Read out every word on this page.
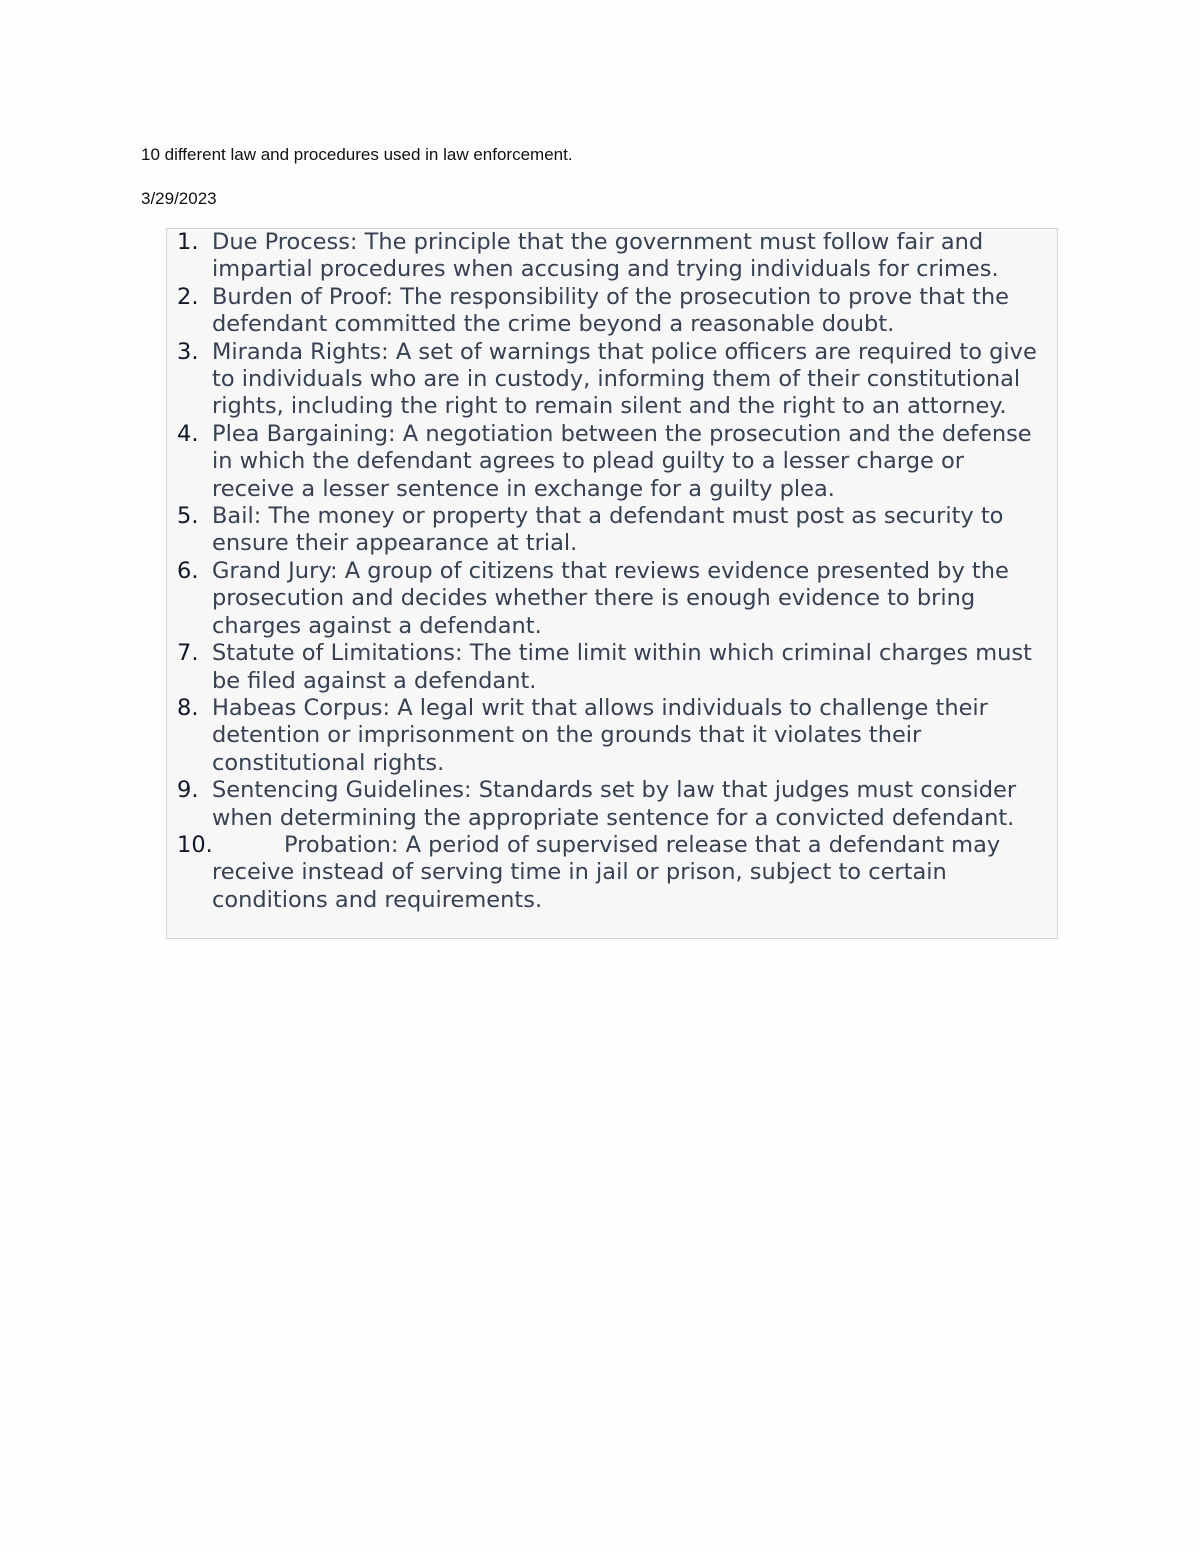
10 different law and procedures used in law enforcement.
3/29/2023
1. Due Process: The principle that the government must follow fair and impartial procedures when accusing and trying individuals for crimes.
2. Burden of Proof: The responsibility of the prosecution to prove that the defendant committed the crime beyond a reasonable doubt.
3. Miranda Rights: A set of warnings that police officers are required to give to individuals who are in custody, informing them of their constitutional rights, including the right to remain silent and the right to an attorney.
4. Plea Bargaining: A negotiation between the prosecution and the defense in which the defendant agrees to plead guilty to a lesser charge or receive a lesser sentence in exchange for a guilty plea.
5. Bail: The money or property that a defendant must post as security to ensure their appearance at trial.
6. Grand Jury: A group of citizens that reviews evidence presented by the prosecution and decides whether there is enough evidence to bring charges against a defendant.
7. Statute of Limitations: The time limit within which criminal charges must be filed against a defendant.
8. Habeas Corpus: A legal writ that allows individuals to challenge their detention or imprisonment on the grounds that it violates their constitutional rights.
9. Sentencing Guidelines: Standards set by law that judges must consider when determining the appropriate sentence for a convicted defendant.
10.	Probation: A period of supervised release that a defendant may receive instead of serving time in jail or prison, subject to certain conditions and requirements.
